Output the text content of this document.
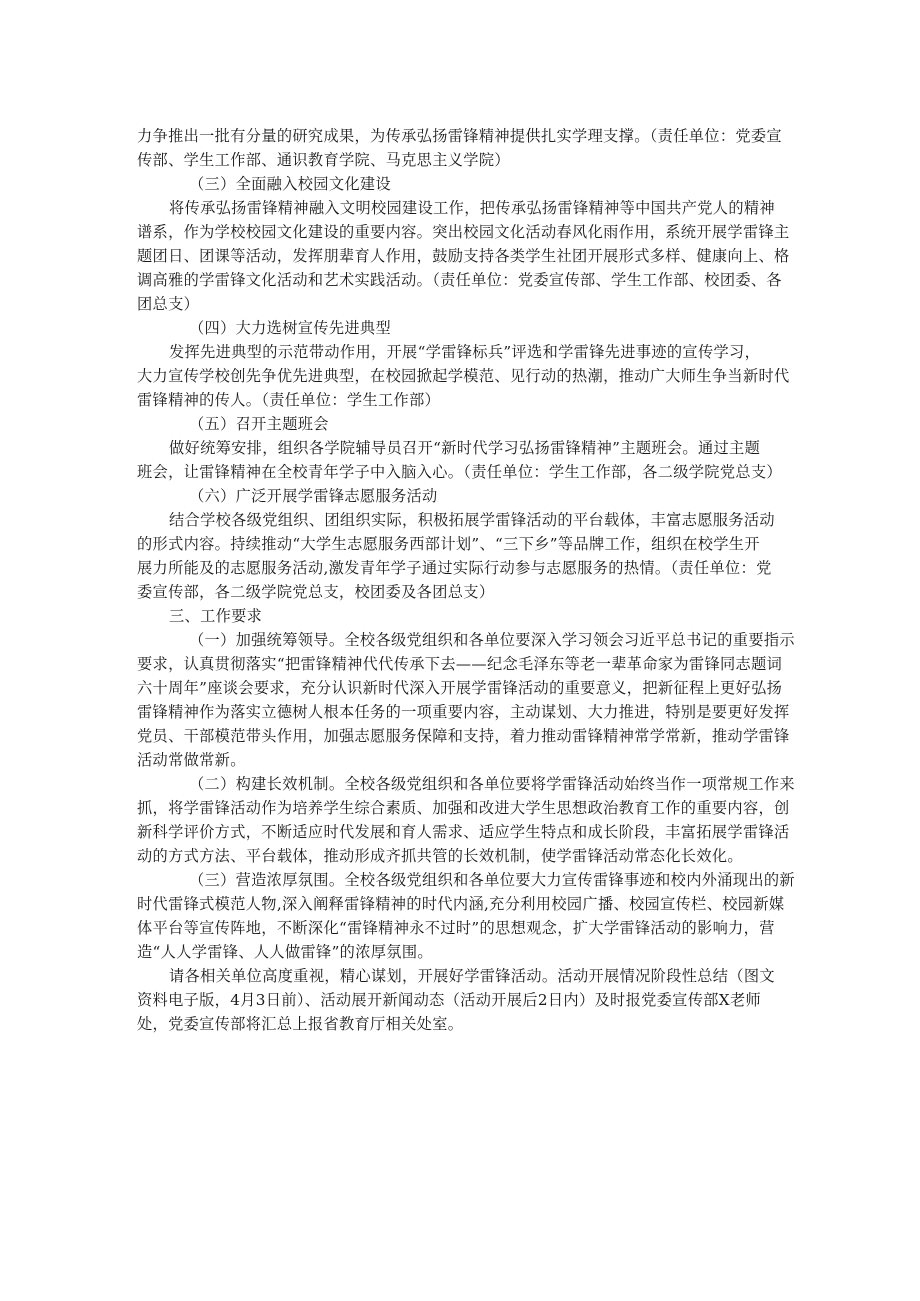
力争推出一批有分量的研究成果，为传承弘扬雷锋精神提供扎实学理支撑。（责任单位：党委宣
传部、学生工作部、通识教育学院、马克思主义学院）
（三）全面融入校园文化建设
将传承弘扬雷锋精神融入文明校园建设工作，把传承弘扬雷锋精神等中国共产党人的精神
谱系，作为学校校园文化建设的重要内容。突出校园文化活动春风化雨作用，系统开展学雷锋主
题团日、团课等活动，发挥朋辈育人作用，鼓励支持各类学生社团开展形式多样、健康向上、格
调高雅的学雷锋文化活动和艺术实践活动。（责任单位：党委宣传部、学生工作部、校团委、各
团总支）
（四）大力选树宣传先进典型
发挥先进典型的示范带动作用，开展“学雷锋标兵”评选和学雷锋先进事迹的宣传学习，
大力宣传学校创先争优先进典型，在校园掀起学模范、见行动的热潮，推动广大师生争当新时代
雷锋精神的传人。（责任单位：学生工作部）
（五）召开主题班会
做好统筹安排，组织各学院辅导员召开“新时代学习弘扬雷锋精神”主题班会。通过主题
班会，让雷锋精神在全校青年学子中入脑入心。（责任单位：学生工作部，各二级学院党总支）
（六）广泛开展学雷锋志愿服务活动
结合学校各级党组织、团组织实际，积极拓展学雷锋活动的平台载体，丰富志愿服务活动
的形式内容。持续推动“大学生志愿服务西部计划”、“三下乡”等品牌工作，组织在校学生开
展力所能及的志愿服务活动,激发青年学子通过实际行动参与志愿服务的热情。（责任单位：党
委宣传部，各二级学院党总支，校团委及各团总支）
三、工作要求
（一）加强统筹领导。全校各级党组织和各单位要深入学习领会习近平总书记的重要指示
要求，认真贯彻落实“把雷锋精神代代传承下去——纪念毛泽东等老一辈革命家为雷锋同志题词
六十周年”座谈会要求，充分认识新时代深入开展学雷锋活动的重要意义，把新征程上更好弘扬
雷锋精神作为落实立德树人根本任务的一项重要内容，主动谋划、大力推进，特别是要更好发挥
党员、干部模范带头作用，加强志愿服务保障和支持，着力推动雷锋精神常学常新，推动学雷锋
活动常做常新。
（二）构建长效机制。全校各级党组织和各单位要将学雷锋活动始终当作一项常规工作来
抓，将学雷锋活动作为培养学生综合素质、加强和改进大学生思想政治教育工作的重要内容，创
新科学评价方式，不断适应时代发展和育人需求、适应学生特点和成长阶段，丰富拓展学雷锋活
动的方式方法、平台载体，推动形成齐抓共管的长效机制，使学雷锋活动常态化长效化。
（三）营造浓厚氛围。全校各级党组织和各单位要大力宣传雷锋事迹和校内外涌现出的新
时代雷锋式模范人物,深入阐释雷锋精神的时代内涵,充分利用校园广播、校园宣传栏、校园新媒
体平台等宣传阵地，不断深化“雷锋精神永不过时”的思想观念，扩大学雷锋活动的影响力，营
造“人人学雷锋、人人做雷锋”的浓厚氛围。
请各相关单位高度重视，精心谋划，开展好学雷锋活动。活动开展情况阶段性总结（图文
资料电子版，4月3日前）、活动展开新闻动态（活动开展后2日内）及时报党委宣传部X老师
处，党委宣传部将汇总上报省教育厅相关处室。
